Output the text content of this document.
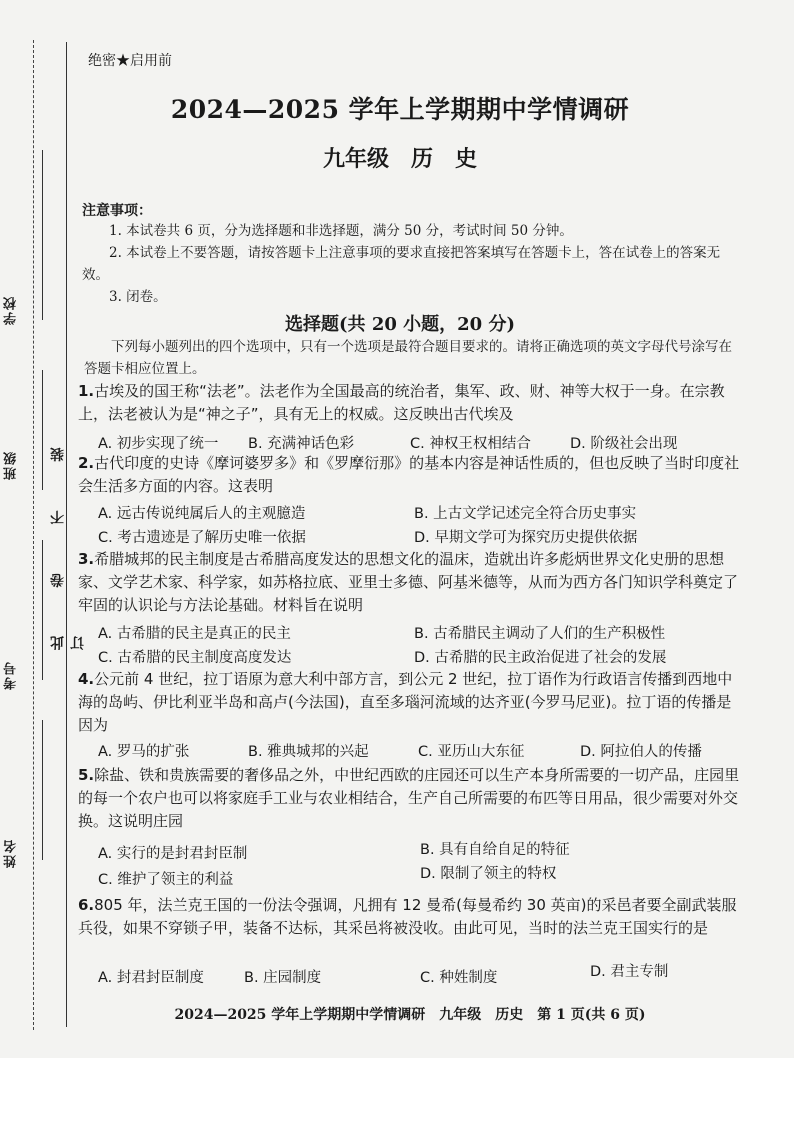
学校
班级
考号
姓名
此 卷 不 装 订
绝密★启用前
2024—2025 学年上学期期中学情调研
九年级　历　史
注意事项：
1. 本试卷共 6 页，分为选择题和非选择题，满分 50 分，考试时间 50 分钟。
2. 本试卷上不要答题，请按答题卡上注意事项的要求直接把答案填写在答题卡上，答在试卷上的答案无效。
3. 闭卷。
选择题(共 20 小题，20 分)
下列每小题列出的四个选项中，只有一个选项是最符合题目要求的。请将正确选项的英文字母代号涂写在答题卡相应位置上。
1.古埃及的国王称“法老”。法老作为全国最高的统治者，集军、政、财、神等大权于一身。在宗教上，法老被认为是“神之子”，具有无上的权威。这反映出古代埃及
A. 初步实现了统一 B. 充满神话色彩	C. 神权王权相结合	D. 阶级社会出现
2.古代印度的史诗《摩诃婆罗多》和《罗摩衍那》的基本内容是神话性质的，但也反映了当时印度社会生活多方面的内容。这表明
A. 远古传说纯属后人的主观臆造	B. 上古文学记述完全符合历史事实
C. 考古遗迹是了解历史唯一依据	D. 早期文学可为探究历史提供依据
3.希腊城邦的民主制度是古希腊高度发达的思想文化的温床，造就出许多彪炳世界文化史册的思想家、文学艺术家、科学家，如苏格拉底、亚里士多德、阿基米德等，从而为西方各门知识学科奠定了牢固的认识论与方法论基础。材料旨在说明
A. 古希腊的民主是真正的民主	B. 古希腊民主调动了人们的生产积极性
C. 古希腊的民主制度高度发达	D. 古希腊的民主政治促进了社会的发展
4.公元前 4 世纪，拉丁语原为意大利中部方言，到公元 2 世纪，拉丁语作为行政语言传播到西地中海的岛屿、伊比利亚半岛和高卢(今法国)，直至多瑙河流域的达齐亚(今罗马尼亚)。拉丁语的传播是因为
A. 罗马的扩张	B. 雅典城邦的兴起	C. 亚历山大东征	D. 阿拉伯人的传播
5.除盐、铁和贵族需要的奢侈品之外，中世纪西欧的庄园还可以生产本身所需要的一切产品，庄园里的每一个农户也可以将家庭手工业与农业相结合，生产自己所需要的布匹等日用品，很少需要对外交换。这说明庄园
A. 实行的是封君封臣制	B. 具有自给自足的特征
C. 维护了领主的利益	D. 限制了领主的特权
6.805 年，法兰克王国的一份法令强调，凡拥有 12 曼希(每曼希约 30 英亩)的采邑者要全副武装服兵役，如果不穿锁子甲，装备不达标，其采邑将被没收。由此可见，当时的法兰克王国实行的是
A. 封君封臣制度	B. 庄园制度	C. 种姓制度	D. 君主专制
2024—2025 学年上学期期中学情调研　九年级　历史　第 1 页(共 6 页)
